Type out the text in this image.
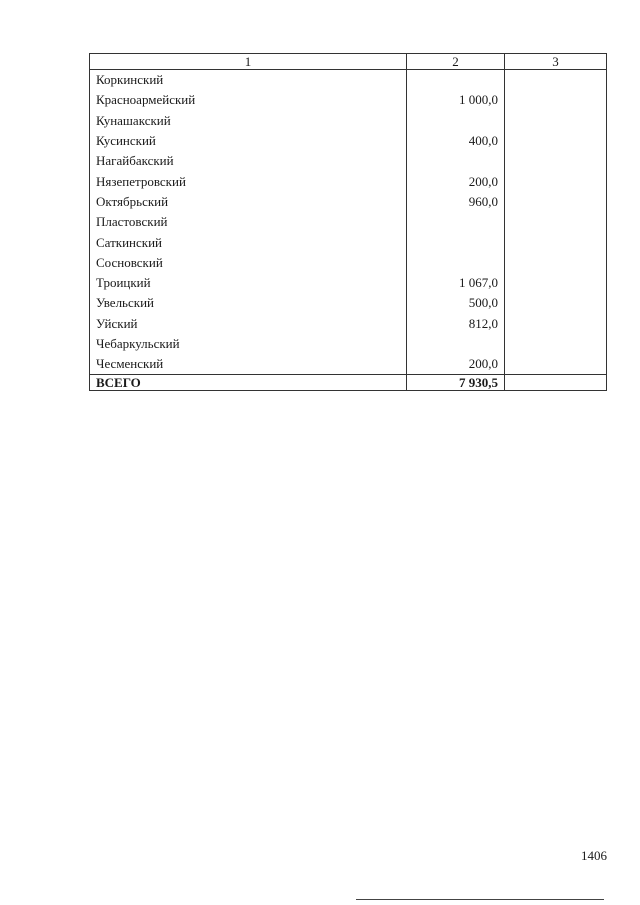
1	2	3
Коркинский		
Красноармейский	1 000,0	
Кунашакский		
Кусинский	400,0	
Нагайбакский		
Нязепетровский	200,0	
Октябрьский	960,0	
Пластовский		
Саткинский		
Сосновский		
Троицкий	1 067,0	
Увельский	500,0	
Уйский	812,0	
Чебаркульский		
Чесменский	200,0	
ВСЕГО	7 930,5	
1406
